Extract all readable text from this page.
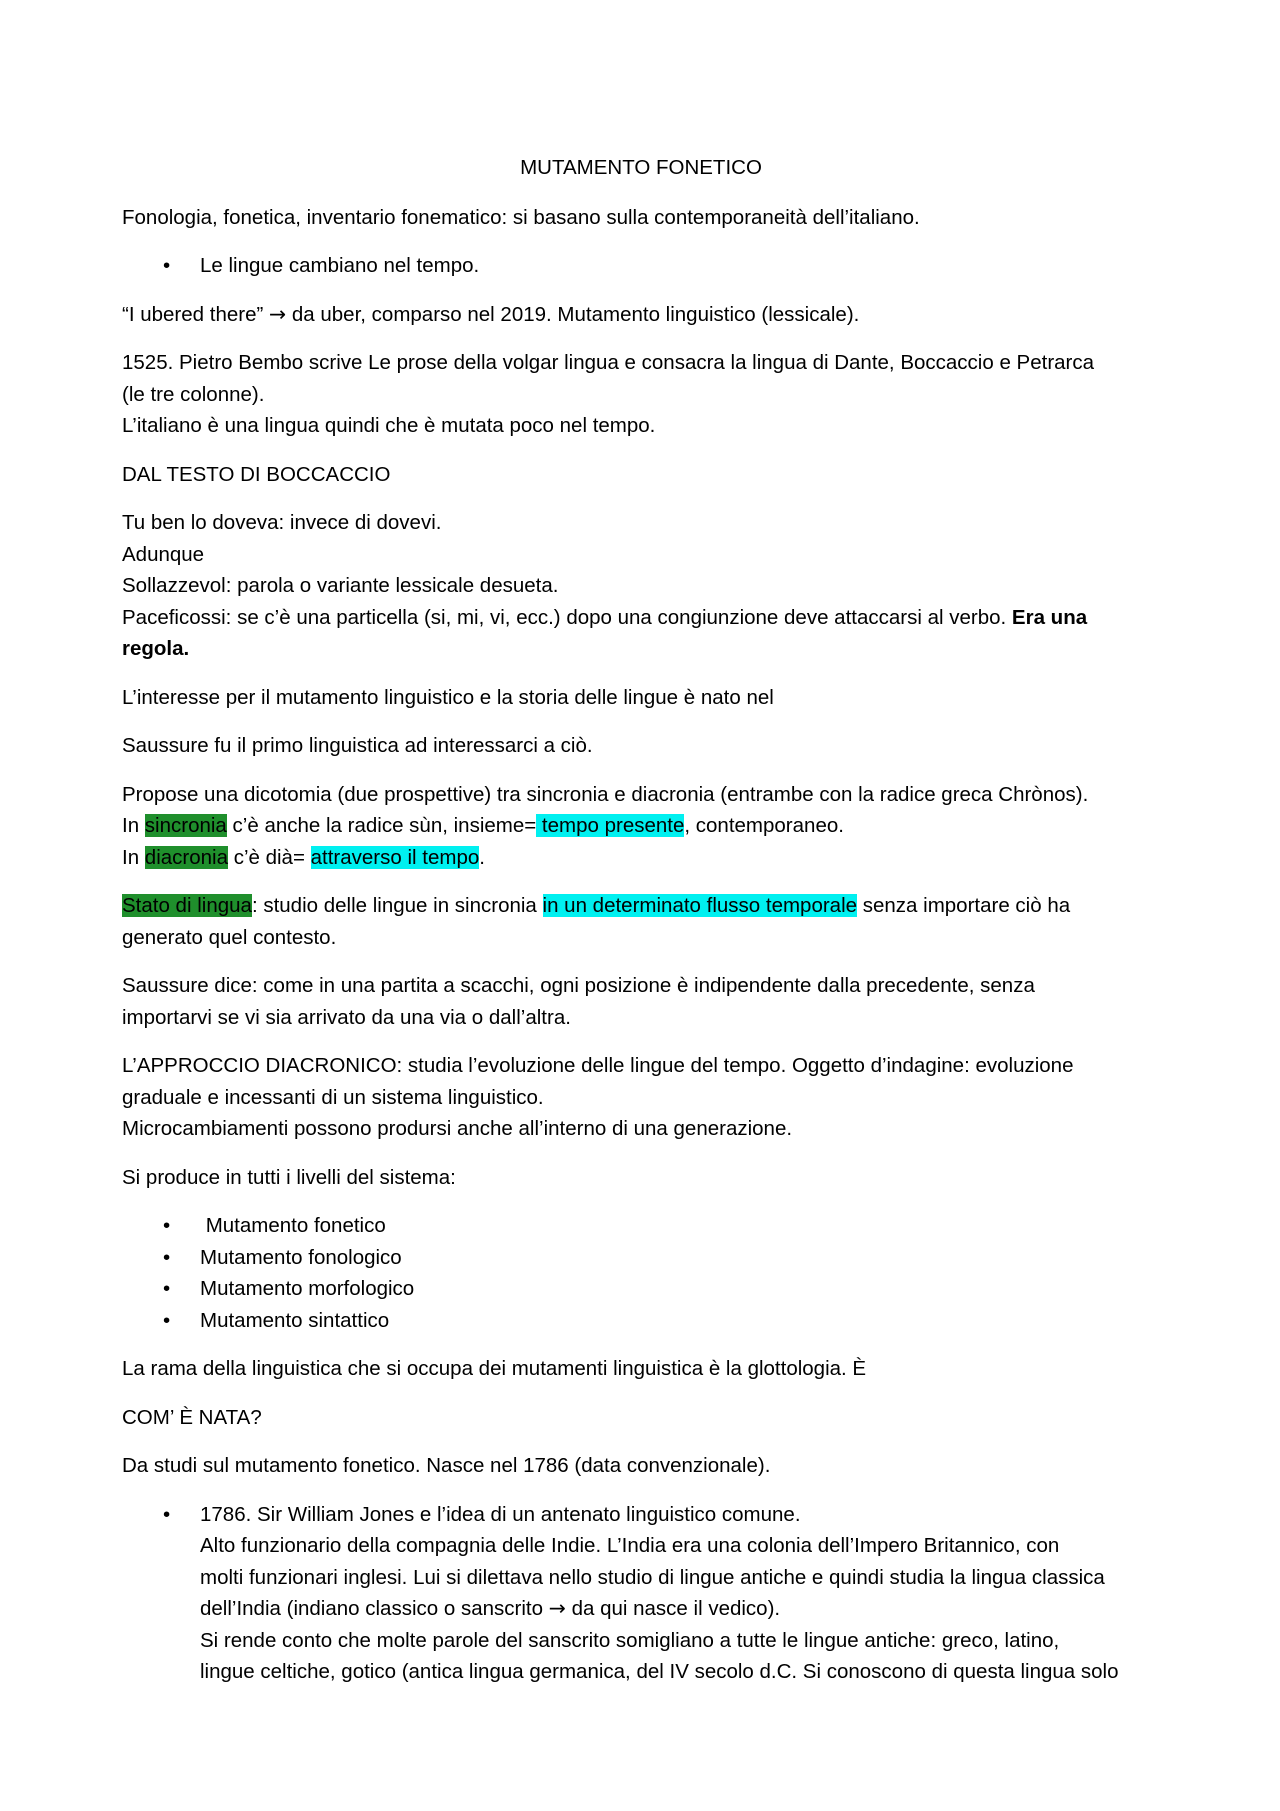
MUTAMENTO FONETICO

Fonologia, fonetica, inventario fonematico: si basano sulla contemporaneità dell’italiano.

• Le lingue cambiano nel tempo.

“I ubered there” → da uber, comparso nel 2019. Mutamento linguistico (lessicale).

1525. Pietro Bembo scrive Le prose della volgar lingua e consacra la lingua di Dante, Boccaccio e Petrarca
(le tre colonne).
L’italiano è una lingua quindi che è mutata poco nel tempo.

DAL TESTO DI BOCCACCIO

Tu ben lo doveva: invece di dovevi.
Adunque
Sollazzevol: parola o variante lessicale desueta.
Paceficossi: se c’è una particella (si, mi, vi, ecc.) dopo una congiunzione deve attaccarsi al verbo. Era una
regola.

L’interesse per il mutamento linguistico e la storia delle lingue è nato nel

Saussure fu il primo linguistica ad interessarci a ciò.

Propose una dicotomia (due prospettive) tra sincronia e diacronia (entrambe con la radice greca Chrònos).
In sincronia c’è anche la radice sùn, insieme= tempo presente, contemporaneo.
In diacronia c’è dià= attraverso il tempo.

Stato di lingua: studio delle lingue in sincronia in un determinato flusso temporale senza importare ciò ha
generato quel contesto.

Saussure dice: come in una partita a scacchi, ogni posizione è indipendente dalla precedente, senza
importarvi se vi sia arrivato da una via o dall’altra.

L’APPROCCIO DIACRONICO: studia l’evoluzione delle lingue del tempo. Oggetto d’indagine: evoluzione
graduale e incessanti di un sistema linguistico.
Microcambiamenti possono prodursi anche all’interno di una generazione.

Si produce in tutti i livelli del sistema:

•  Mutamento fonetico
• Mutamento fonologico
• Mutamento morfologico
• Mutamento sintattico

La rama della linguistica che si occupa dei mutamenti linguistica è la glottologia. È

COM’ È NATA?

Da studi sul mutamento fonetico. Nasce nel 1786 (data convenzionale).

• 1786. Sir William Jones e l’idea di un antenato linguistico comune.
Alto funzionario della compagnia delle Indie. L’India era una colonia dell’Impero Britannico, con
molti funzionari inglesi. Lui si dilettava nello studio di lingue antiche e quindi studia la lingua classica
dell’India (indiano classico o sanscrito → da qui nasce il vedico).
Si rende conto che molte parole del sanscrito somigliano a tutte le lingue antiche: greco, latino,
lingue celtiche, gotico (antica lingua germanica, del IV secolo d.C. Si conoscono di questa lingua solo
